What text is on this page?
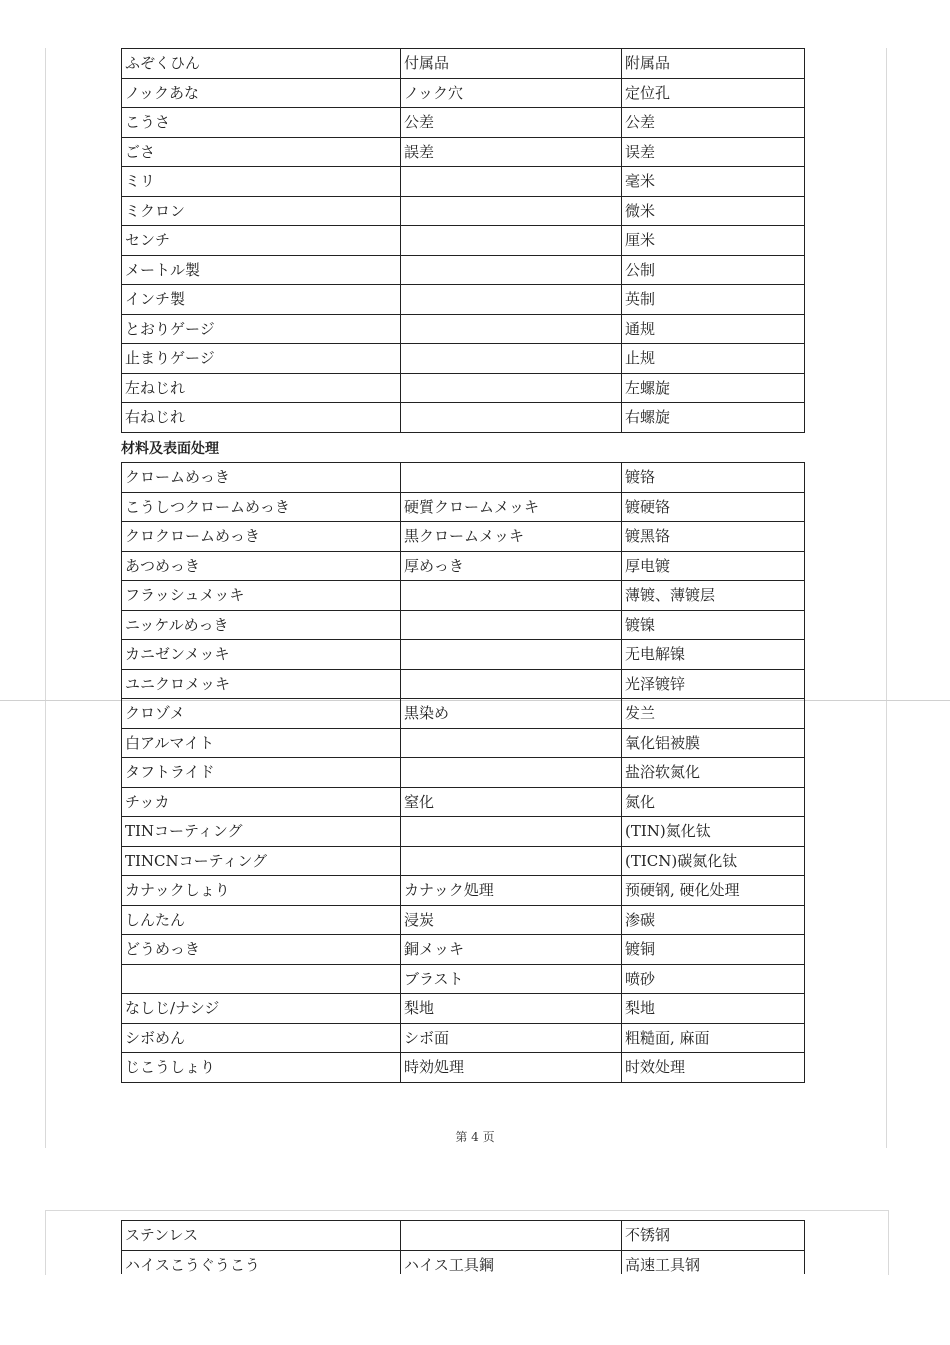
ふぞくひん	付属品	附属品
ノックあな	ノック穴	定位孔
こうさ	公差	公差
ごさ	誤差	误差
ミリ		毫米
ミクロン		微米
センチ		厘米
メートル製		公制
インチ製		英制
とおりゲージ		通规
止まりゲージ		止规
左ねじれ		左螺旋
右ねじれ		右螺旋
材料及表面处理
クロームめっき		镀铬
こうしつクロームめっき	硬質クロームメッキ	镀硬铬
クロクロームめっき	黒クロームメッキ	镀黑铬
あつめっき	厚めっき	厚电镀
フラッシュメッキ		薄镀、薄镀层
ニッケルめっき		镀镍
カニゼンメッキ		无电解镍
ユニクロメッキ		光泽镀锌
クロゾメ	黒染め	发兰
白アルマイト		氧化铝被膜
タフトライド		盐浴软氮化
チッカ	窒化	氮化
TINコーティング		(TIN)氮化钛
TINCNコーティング		(TICN)碳氮化钛
カナックしょり	カナック処理	预硬钢, 硬化处理
しんたん	浸炭	渗碳
どうめっき	銅メッキ	镀铜
	ブラスト	喷砂
なしじ/ナシジ	梨地	梨地
シボめん	シボ面	粗糙面, 麻面
じこうしょり	時効処理	时效处理
第 4 页
ステンレス		不锈钢
ハイスこうぐうこう	ハイス工具鋼	高速工具钢
